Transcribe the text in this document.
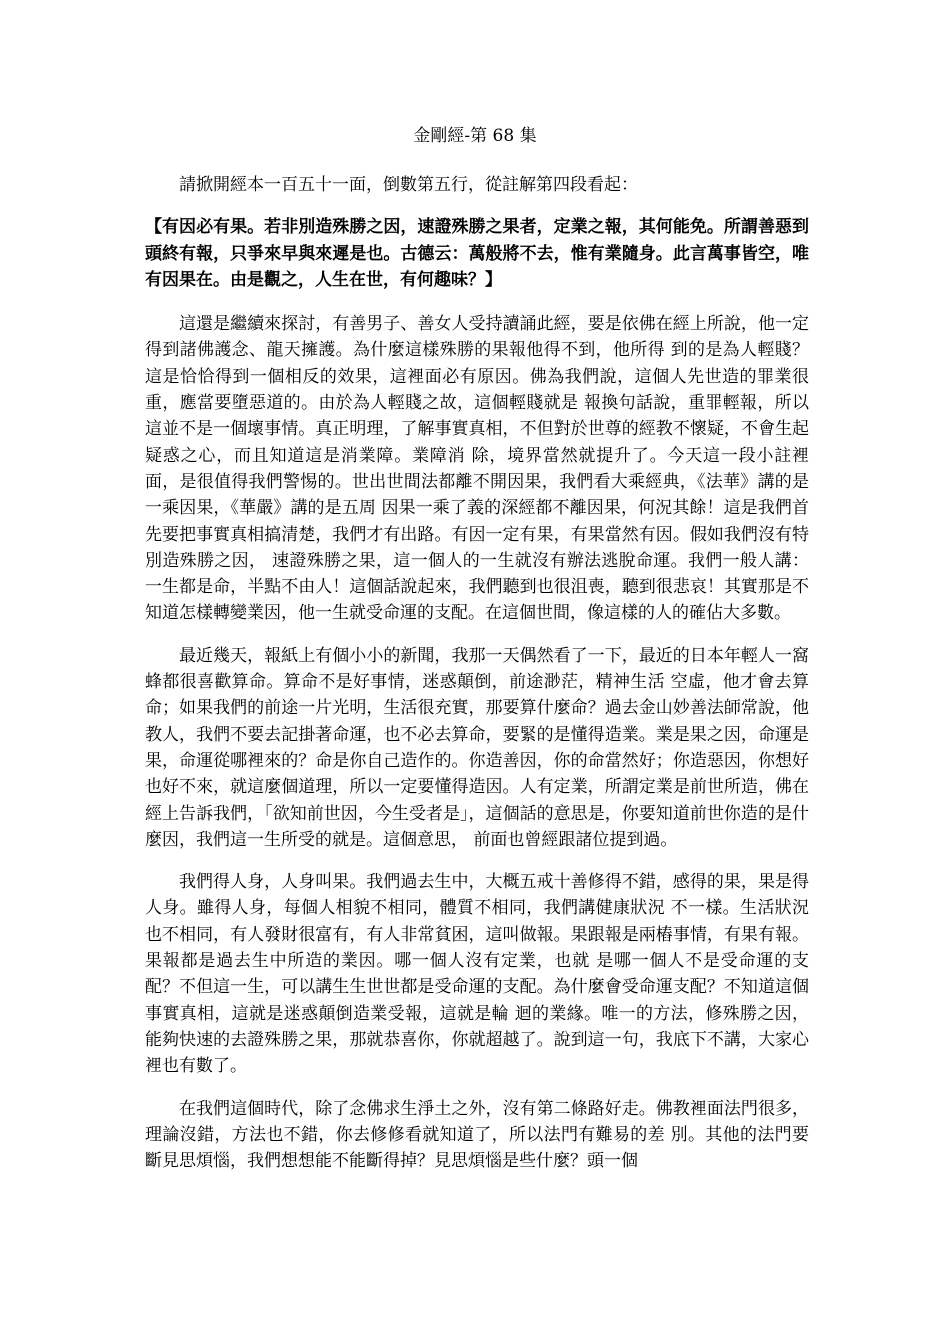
金剛經-第 68 集

請掀開經本一百五十一面，倒數第五行，從註解第四段看起：

【有因必有果。若非別造殊勝之因，速證殊勝之果者，定業之報，其何能免。所謂善惡到頭終有報，只爭來早與來遲是也。古德云：萬般將不去，惟有業隨身。此言萬事皆空，唯有因果在。由是觀之，人生在世，有何趣味？】

這還是繼續來探討，有善男子、善女人受持讀誦此經，要是依佛在經上所說，他一定得到諸佛護念、龍天擁護。為什麼這樣殊勝的果報他得不到，他所得 到的是為人輕賤？這是恰恰得到一個相反的效果，這裡面必有原因。佛為我們說，這個人先世造的罪業很重，應當要墮惡道的。由於為人輕賤之故，這個輕賤就是 報換句話說，重罪輕報，所以這並不是一個壞事情。真正明理，了解事實真相，不但對於世尊的經教不懷疑，不會生起疑惑之心，而且知道這是消業障。業障消 除，境界當然就提升了。今天這一段小註裡面，是很值得我們警惕的。世出世間法都離不開因果，我們看大乘經典，《法華》講的是一乘因果，《華嚴》講的是五周 因果一乘了義的深經都不離因果，何況其餘！這是我們首先要把事實真相搞清楚，我們才有出路。有因一定有果，有果當然有因。假如我們沒有特別造殊勝之因， 速證殊勝之果，這一個人的一生就沒有辦法逃脫命運。我們一般人講：一生都是命，半點不由人！這個話說起來，我們聽到也很沮喪，聽到很悲哀！其實那是不知道怎樣轉變業因，他一生就受命運的支配。在這個世間，像這樣的人的確佔大多數。

最近幾天，報紙上有個小小的新聞，我那一天偶然看了一下，最近的日本年輕人一窩蜂都很喜歡算命。算命不是好事情，迷惑顛倒，前途渺茫，精神生活 空虛，他才會去算命；如果我們的前途一片光明，生活很充實，那要算什麼命？過去金山妙善法師常說，他教人，我們不要去記掛著命運，也不必去算命，要緊的是懂得造業。業是果之因，命運是果，命運從哪裡來的？命是你自己造作的。你造善因，你的命當然好；你造惡因，你想好也好不來，就這麼個道理，所以一定要懂得造因。人有定業，所謂定業是前世所造，佛在經上告訴我們，「欲知前世因，今生受者是」，這個話的意思是，你要知道前世你造的是什麼因，我們這一生所受的就是。這個意思， 前面也曾經跟諸位提到過。

我們得人身，人身叫果。我們過去生中，大概五戒十善修得不錯，感得的果，果是得人身。雖得人身，每個人相貌不相同，體質不相同，我們講健康狀況 不一樣。生活狀況也不相同，有人發財很富有，有人非常貧困，這叫做報。果跟報是兩樁事情，有果有報。果報都是過去生中所造的業因。哪一個人沒有定業，也就 是哪一個人不是受命運的支配？不但這一生，可以講生生世世都是受命運的支配。為什麼會受命運支配？不知道這個事實真相，這就是迷惑顛倒造業受報，這就是輪 迴的業緣。唯一的方法，修殊勝之因，能夠快速的去證殊勝之果，那就恭喜你，你就超越了。說到這一句，我底下不講，大家心裡也有數了。

在我們這個時代，除了念佛求生淨土之外，沒有第二條路好走。佛教裡面法門很多，理論沒錯，方法也不錯，你去修修看就知道了，所以法門有難易的差 別。其他的法門要斷見思煩惱，我們想想能不能斷得掉？見思煩惱是些什麼？頭一個
